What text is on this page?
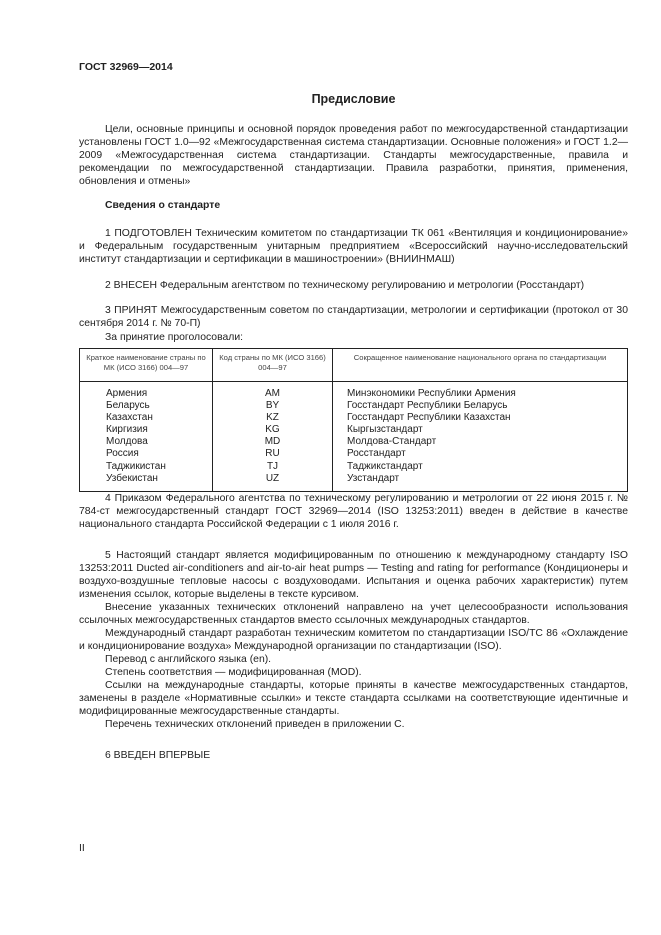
ГОСТ 32969—2014
Предисловие

Цели, основные принципы и основной порядок проведения работ по межгосударственной стандартизации установлены ГОСТ 1.0—92 «Межгосударственная система стандартизации. Основные положения» и ГОСТ 1.2—2009 «Межгосударственная система стандартизации. Стандарты межгосударственные, правила и рекомендации по межгосударственной стандартизации. Правила разработки, принятия, применения, обновления и отмены»

Сведения о стандарте

1 ПОДГОТОВЛЕН Техническим комитетом по стандартизации ТК 061 «Вентиляция и кондиционирование» и Федеральным государственным унитарным предприятием «Всероссийский научно-исследовательский институт стандартизации и сертификации в машиностроении» (ВНИИНМАШ)

2 ВНЕСЕН Федеральным агентством по техническому регулированию и метрологии (Росстандарт)

3 ПРИНЯТ Межгосударственным советом по стандартизации, метрологии и сертификации (протокол от 30 сентября 2014 г. № 70-П)

За принятие проголосовали:

Краткое наименование страны по МК (ИСО 3166) 004—97	Код страны по МК (ИСО 3166) 004—97	Сокращенное наименование национального органа по стандартизации
Армения	AM	Минэкономики Республики Армения
Беларусь	BY	Госстандарт Республики Беларусь
Казахстан	KZ	Госстандарт Республики Казахстан
Киргизия	KG	Кыргызстандарт
Молдова	MD	Молдова-Стандарт
Россия	RU	Росстандарт
Таджикистан	TJ	Таджикстандарт
Узбекистан	UZ	Узстандарт

4 Приказом Федерального агентства по техническому регулированию и метрологии от 22 июня 2015 г. № 784-ст межгосударственный стандарт ГОСТ 32969—2014 (ISO 13253:2011) введен в действие в качестве национального стандарта Российской Федерации с 1 июля 2016 г.

5 Настоящий стандарт является модифицированным по отношению к международному стандарту ISO 13253:2011 Ducted air-conditioners and air-to-air heat pumps — Testing and rating for performance (Кондиционеры и воздухо-воздушные тепловые насосы с воздуховодами. Испытания и оценка рабочих характеристик) путем изменения ссылок, которые выделены в тексте курсивом.

Внесение указанных технических отклонений направлено на учет целесообразности использования ссылочных межгосударственных стандартов вместо ссылочных международных стандартов.

Международный стандарт разработан техническим комитетом по стандартизации ISO/TC 86 «Охлаждение и кондиционирование воздуха» Международной организации по стандартизации (ISO).

Перевод с английского языка (en).

Степень соответствия — модифицированная (MOD).

Ссылки на международные стандарты, которые приняты в качестве межгосударственных стандартов, заменены в разделе «Нормативные ссылки» и тексте стандарта ссылками на соответствующие идентичные и модифицированные межгосударственные стандарты.

Перечень технических отклонений приведен в приложении С.

6 ВВЕДЕН ВПЕРВЫЕ

II
